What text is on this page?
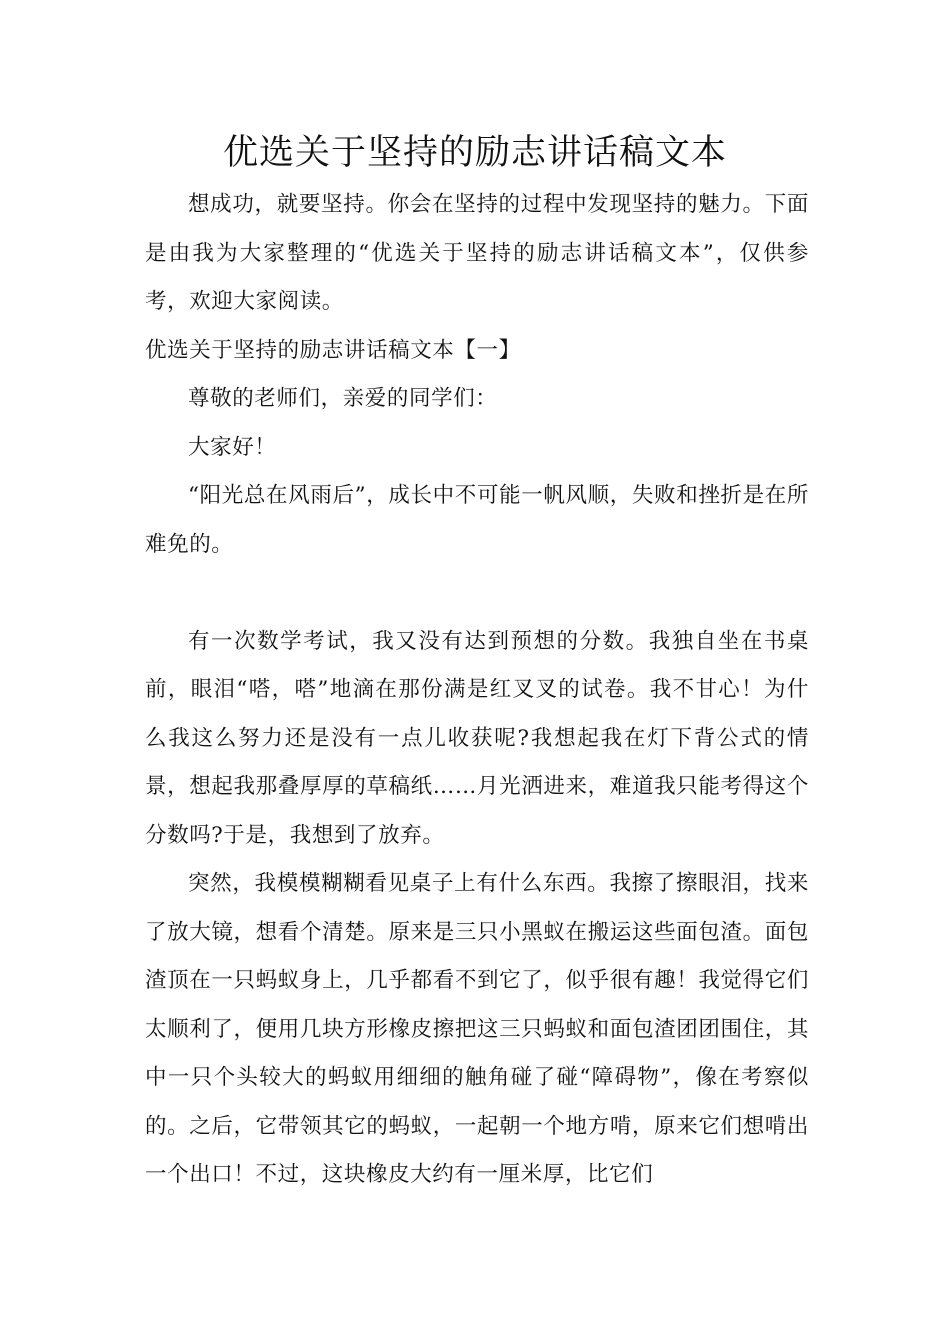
优选关于坚持的励志讲话稿文本

想成功，就要坚持。你会在坚持的过程中发现坚持的魅力。下面是由我为大家整理的“优选关于坚持的励志讲话稿文本”，仅供参考，欢迎大家阅读。

优选关于坚持的励志讲话稿文本【一】

尊敬的老师们，亲爱的同学们：

大家好！

“阳光总在风雨后”，成长中不可能一帆风顺，失败和挫折是在所难免的。

有一次数学考试，我又没有达到预想的分数。我独自坐在书桌前，眼泪“嗒，嗒”地滴在那份满是红叉叉的试卷。我不甘心！为什么我这么努力还是没有一点儿收获呢?我想起我在灯下背公式的情景，想起我那叠厚厚的草稿纸……月光洒进来，难道我只能考得这个分数吗?于是，我想到了放弃。

突然，我模模糊糊看见桌子上有什么东西。我擦了擦眼泪，找来了放大镜，想看个清楚。原来是三只小黑蚁在搬运这些面包渣。面包渣顶在一只蚂蚁身上，几乎都看不到它了，似乎很有趣！我觉得它们太顺利了，便用几块方形橡皮擦把这三只蚂蚁和面包渣团团围住，其中一只个头较大的蚂蚁用细细的触角碰了碰“障碍物”，像在考察似的。之后，它带领其它的蚂蚁，一起朝一个地方啃，原来它们想啃出一个出口！不过，这块橡皮大约有一厘米厚，比它们
